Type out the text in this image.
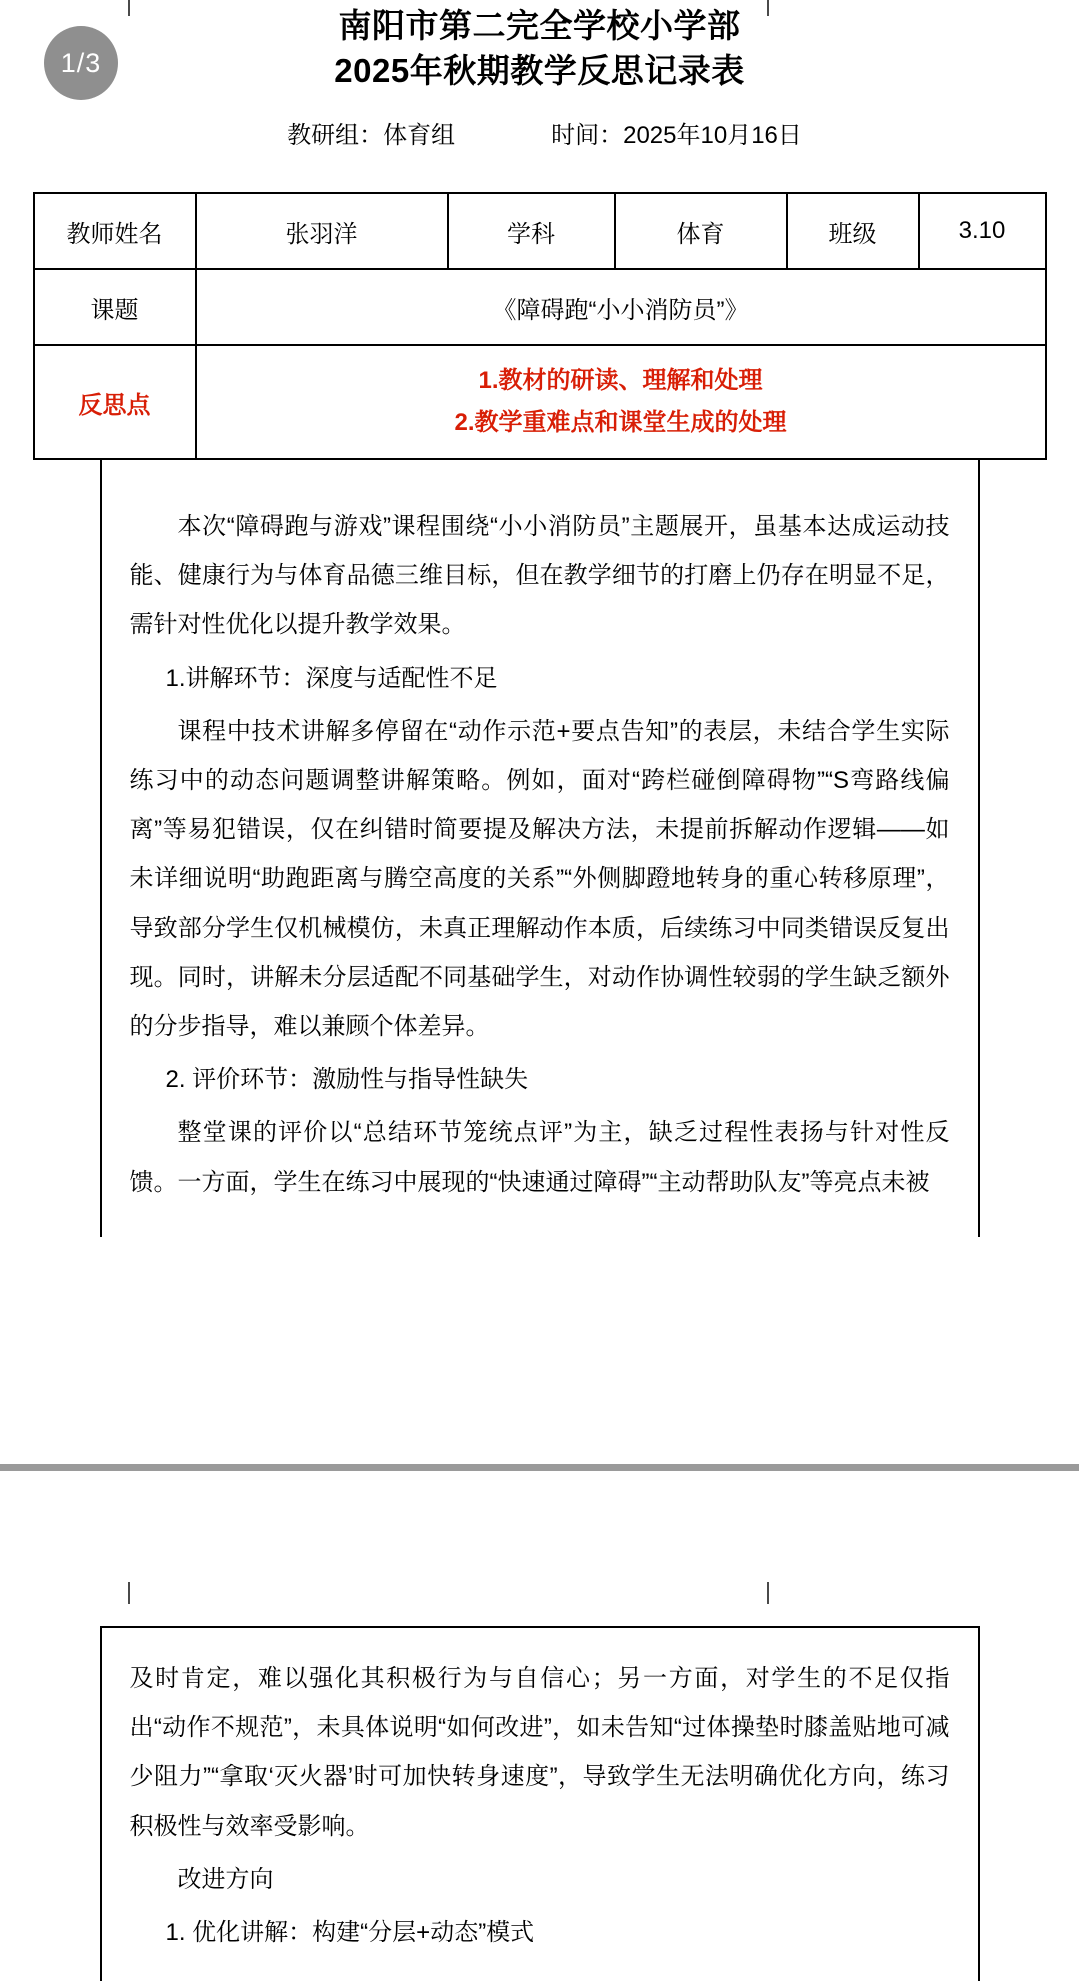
1/3
南阳市第二完全学校小学部
2025年秋期教学反思记录表
教研组：体育组	时间：2025年10月16日
教师姓名	张羽洋	学科	体育	班级	3.10
课题	《障碍跑“小小消防员”》				
反思点	1.教材的研读、理解和处理
2.教学重难点和课堂生成的处理				

本次“障碍跑与游戏”课程围绕“小小消防员”主题展开，虽基本达成运动技能、健康行为与体育品德三维目标，但在教学细节的打磨上仍存在明显不足，需针对性优化以提升教学效果。

1.讲解环节：深度与适配性不足

课程中技术讲解多停留在“动作示范+要点告知”的表层，未结合学生实际练习中的动态问题调整讲解策略。例如，面对“跨栏碰倒障碍物”“S弯路线偏离”等易犯错误，仅在纠错时简要提及解决方法，未提前拆解动作逻辑——如未详细说明“助跑距离与腾空高度的关系”“外侧脚蹬地转身的重心转移原理”，导致部分学生仅机械模仿，未真正理解动作本质，后续练习中同类错误反复出现。同时，讲解未分层适配不同基础学生，对动作协调性较弱的学生缺乏额外的分步指导，难以兼顾个体差异。

2. 评价环节：激励性与指导性缺失

整堂课的评价以“总结环节笼统点评”为主，缺乏过程性表扬与针对性反馈。一方面，学生在练习中展现的“快速通过障碍”“主动帮助队友”等亮点未被

及时肯定，难以强化其积极行为与自信心；另一方面，对学生的不足仅指出“动作不规范”，未具体说明“如何改进”，如未告知“过体操垫时膝盖贴地可减少阻力”“拿取‘灭火器’时可加快转身速度”，导致学生无法明确优化方向，练习积极性与效率受影响。

改进方向

1. 优化讲解：构建“分层+动态”模式
